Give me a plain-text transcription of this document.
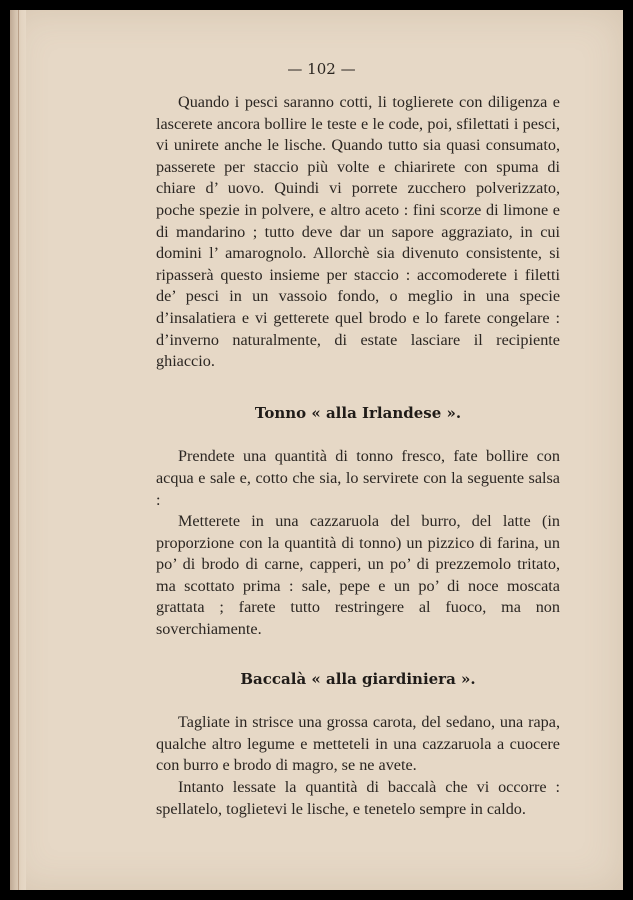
— 102 —

Quando i pesci saranno cotti, li toglierete con diligenza e lascerete ancora bollire le teste e le code, poi, sfilettati i pesci, vi unirete anche le lische. Quando tutto sia quasi consumato, passerete per staccio più volte e chiarirete con spuma di chiare d’ uovo. Quindi vi porrete zucchero polverizzato, poche spezie in polvere, e altro aceto : fini scorze di limone e di mandarino ; tutto deve dar un sapore aggraziato, in cui domini l’ amarognolo. Allorchè sia divenuto consistente, si ripasserà questo insieme per staccio : accomoderete i filetti de’ pesci in un vassoio fondo, o meglio in una specie d’insalatiera e vi getterete quel brodo e lo farete congelare : d’inverno naturalmente, di estate lasciare il recipiente ghiaccio.

Tonno « alla Irlandese ».

Prendete una quantità di tonno fresco, fate bollire con acqua e sale e, cotto che sia, lo servirete con la seguente salsa :

Metterete in una cazzaruola del burro, del latte (in proporzione con la quantità di tonno) un pizzico di farina, un po’ di brodo di carne, capperi, un po’ di prezzemolo tritato, ma scottato prima : sale, pepe e un po’ di noce moscata grattata ; farete tutto restringere al fuoco, ma non soverchiamente.

Baccalà « alla giardiniera ».

Tagliate in strisce una grossa carota, del sedano, una rapa, qualche altro legume e metteteli in una cazzaruola a cuocere con burro e brodo di magro, se ne avete.

Intanto lessate la quantità di baccalà che vi occorre : spellatelo, toglietevi le lische, e tenetelo sempre in caldo.
